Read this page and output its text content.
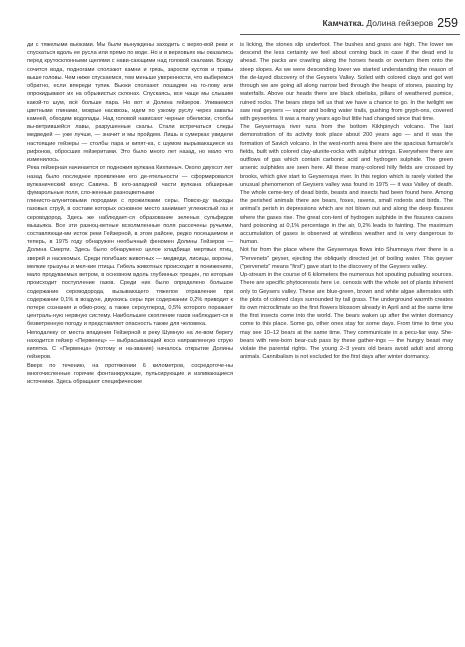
Камчатка. Долина гейзеров 259

ди с тяжелыми вьюками. Мы были вынуждены заходить с верхо-вой реки и спускаться вдоль ее русла или прямо по воде. Но и в верховьях мы оказались перед крутосклонными щелями с нави-сающими над головой скалами. Всюду сочится вода, подногами сползают камни и грязь, зароспи кустов и травы выше головы. Чем ниже спускаемся, тем меньше уверенности, что выберемся обратно, если впереди тупик. Вьюки сползают лошадям на го-лову или опрокидывают их на обрывистых склонах. Спускаясь, все чаще мы слышим какой-то шум, всё больше пара. Но вот и Долина гейзеров. Упиваемся цветными глинами, мокрые насквозь, идем по узкому руслу через завалы камней, обходим водопады. Над головой нависают черные обелиски, столбы вы-ветрившейся лавы, разрушенные скалы. Стали встречаться следы медведей — уже лучше, — значит и мы пройдем. Лишь в сумерках увидели настоящие гейзеры — столбы пара и кипят-ка, с шумом вырывающиеся из рифонов, обросших гейзеритами. Это было много лет назад, но мало что изменилось.

Река гейзерная начинается от подножия вулкана Кихпиныч. Около двухсот лет назад было последнее проявление его де-ятельности — сформировался вулканический конус Савича. В юго-западной части вулкана обширные фумарольные поля, сло-женные разноцветными

глинисто-алунитовыми породами с прожилками серы. Повсю-ду выходы газовых струй, в составе которых основное место занимает углекислый газ и сероводород. Здесь же наблюдает-ся образование зеленых сульфидов мышьяка. Все эти разноц-ветные всхолмленные поля рассечены ручьями, составляющи-ми исток реки Гейзерной, в этом районе, редко посещаемом и теперь, в 1975 году обнаружен необычный феномен Долины Гейзеров — Долина Смерти. Здесь было обнаружено целое кладбище мертвых птиц, зверей и насекомых. Среди погибших животных — медведи, лисицы, вороны, мелкие грызуны и мел-кие птицы. Гибель животных происходит в понижениях, мало продуваемых ветром, в основном вдоль глубинных трещин, по которым происходит поступление газов. Среди них было определено большое содержание сероводорода, вызывающего тяжелое отравление при содержании 0,1% в воздухе, двуокись серы при содержании 0,2% приводит к потере сознания и обмо-року, а также сероуглерод, 0,5% которого поражает централь-ную нервную систему. Наибольшее скопление газов наблюдает-ся в безветренную погоду и представляет опасность также для человека.

Неподалеку от места впадения Гейзерной в реку Шумную на ле-вом берегу находится гейзер «Первенец» — выбрасывающий косо направленную струю кипятка. С «Первенца» (потому и на-звание) началось открытие Долины гейзеров.

Вверх по течению, на протяжении 6 километров, сосредоточе-ны многочисленные горячие фонтанирующие, пульсирующие и изливающиеся источники. Здесь обращают специфические

is licking, the stones slip underfoot. The bushes and grass are high. The lower we descend the less certainty we feel about coming back in case if the dead end is ahead. The packs are crawling along the horses heads or overturn them onto the steep slopes. As we were descending lower we started understanding the reason of the de-layed discovery of the Geysers Valley. Soiled with colored clays and got wet through we are going all along narrow bed through the heaps of stones, passing by waterfalls. Above our heads there are black obelisks, pillars of weathered pumice, ruined rocks. The bears steps tell us that we have a chance to go. In the twilight we saw real geysers — vapor and boiling water trails, gushing from gryph-ons, covered with geyserites. It was a many years ago but little had changed since that time.

The Geysernaya river runs from the bottom Kikhpinych volcano. The last demonstration of its activity took place about 200 years ago — and it was the formation of Savich volcano. In the west-north area there are the spacious fumarole's fields, built with colored clay-alunite-rocks with sulphur strings. Everywhere there are outflows of gas which contain carbonic acid and hydrogen sulphide. The green arsenic sulphides are seen here. All these many-colored hilly fields are crossed by brooks, which give start to Geysernaya river. In this region which is rarely visited the unusual phenomenon of Geysers valley was found in 1975 — it was Valley of death. The whole ceme-tery of dead birds, beasts and insects had been found here. Among the perished animals there are bears, foxes, ravens, small rodents and birds. The animal's perish in depressions which are not blown out and along the deep fissures where the gases rise. The great con-tent of hydrogen sulphide in the fissures causes hard poisoning at 0,1% percentage in the air, 0,2% leads to fainting. The maximum accumulation of gases is observed at windless weather and is very dangerous to human.

Not far from the place where the Geysernaya flows into Shumnaya river there is a "Pervenets" geyser, ejecting the obliquely directed jet of boiling water. This geyser ("pervenets" means "first") gave start to the discovery of the Geysers valley.

Up-stream in the course of 6 kilometers the numerous hot spouting pulsating sources. There are specific phytocenosis here i.e. cenosis with the whole set of plants inherent only to Geysers valley. These are blue-green, brown and white algae alternates with the plots of colored clays surrounded by tall grass. The underground warmth creates its own microclimate so the first flowers blossom already in April and at the same time the first insects come into the world. The bears waken up after the winter dormancy come to this place. Some go, other ones stay for some days. From time to time you may see 10–12 bears at the same time. They communicate in a pecu-liar way. She-bears with new-born bear-cub pass by these gather-ings — the hungry beast may violate the parental rights. The young 2–3 years old bears avoid adult and strong animals. Cannibalism is not excluded for the first days after winter dormancy.
